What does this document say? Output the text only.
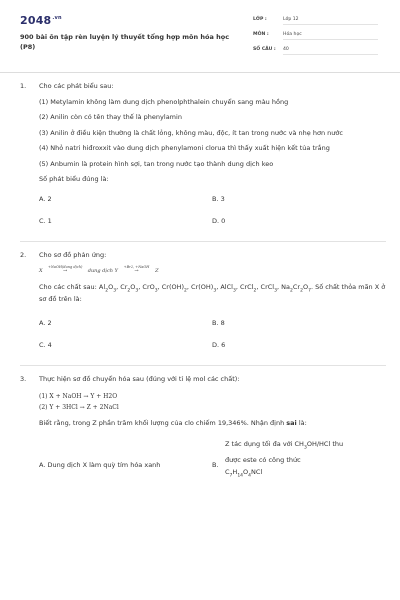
$2048^{.vn}$
900 bài ôn tập rèn luyện lý thuyết tổng hợp môn hóa học
(P8)
LỚP :	Lớp 12
MÔN :	Hóa học
SỐ CÂU : 40
1. Cho các phát biểu sau:
(1) Metylamin không làm dung dịch phenolphthalein chuyển sang màu hồng
(2) Anilin còn có tên thay thế là phenylamin
(3) Anilin ở điều kiện thường là chất lỏng, không màu, độc, ít tan trong nước và nhẹ hơn nước
(4) Nhỏ natri hiđroxxit vào dung dịch phenylamoni clorua thì thấy xuất hiện kết tủa trắng
(5) Anbumin là protein hình sợi, tan trong nước tạo thành dung dịch keo
Số phát biểu đúng là:
A. 2	B. 3
C. 1	D. 0
2. Cho sơ đồ phản ứng:
X
+NaOH(dung dịch)
→	dung dịch Y
+Br2, +NaOH
→	Z
Cho các chất sau: $Al_2O_3$, $Cr_2O_3$, CrO$_3$, $Cr(OH)_2$, $Cr(OH)_3$, AlCl$_3$, CrCl$_2$, CrCl$_3$, $Na_2Cr_2O_7$. Số chất thỏa mãn X ở sơ đồ trên là:
A. 2	B. 8
C. 4	D. 6
3. Thực hiện sơ đồ chuyển hóa sau (đúng với tỉ lệ mol các chất):
(1) X + NaOH → Y + H2O
(2) Y + 3HCl → Z + 2NaCl
Biết rằng, trong Z phần trăm khối lượng của clo chiếm 19,346%. Nhận định sai là:
A. Dung dịch X làm quỳ tím hóa xanh	B.
Z tác dụng tối đa với $CH_3OH$/HCl thu
được este có công thức
$C_7H_{14}O_4NCl$
